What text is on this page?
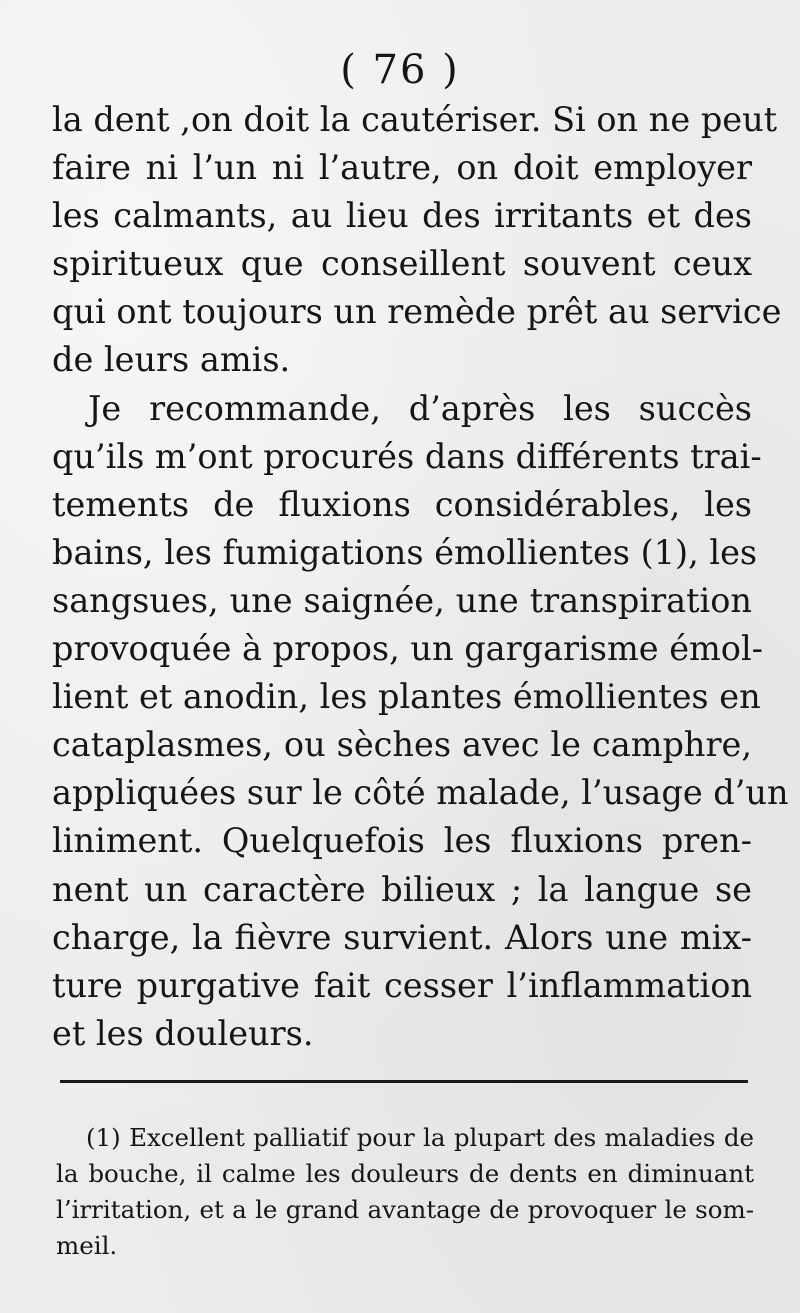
( 76 )
la dent ,on doit la cautériser. Si on ne peut
faire ni l’un ni l’autre, on doit employer
les calmants, au lieu des irritants et des
spiritueux que conseillent souvent ceux
qui ont toujours un remède prêt au service
de leurs amis.
Je recommande, d’après les succès
qu’ils m’ont procurés dans différents trai-
tements de fluxions considérables, les
bains, les fumigations émollientes (1), les
sangsues, une saignée, une transpiration
provoquée à propos, un gargarisme émol-
lient et anodin, les plantes émollientes en
cataplasmes, ou sèches avec le camphre,
appliquées sur le côté malade, l’usage d’un
liniment. Quelquefois les fluxions pren-
nent un caractère bilieux ; la langue se
charge, la fièvre survient. Alors une mix-
ture purgative fait cesser l’inflammation
et les douleurs.
(1) Excellent palliatif pour la plupart des maladies de
la bouche, il calme les douleurs de dents en diminuant
l’irritation, et a le grand avantage de provoquer le som-
meil.
